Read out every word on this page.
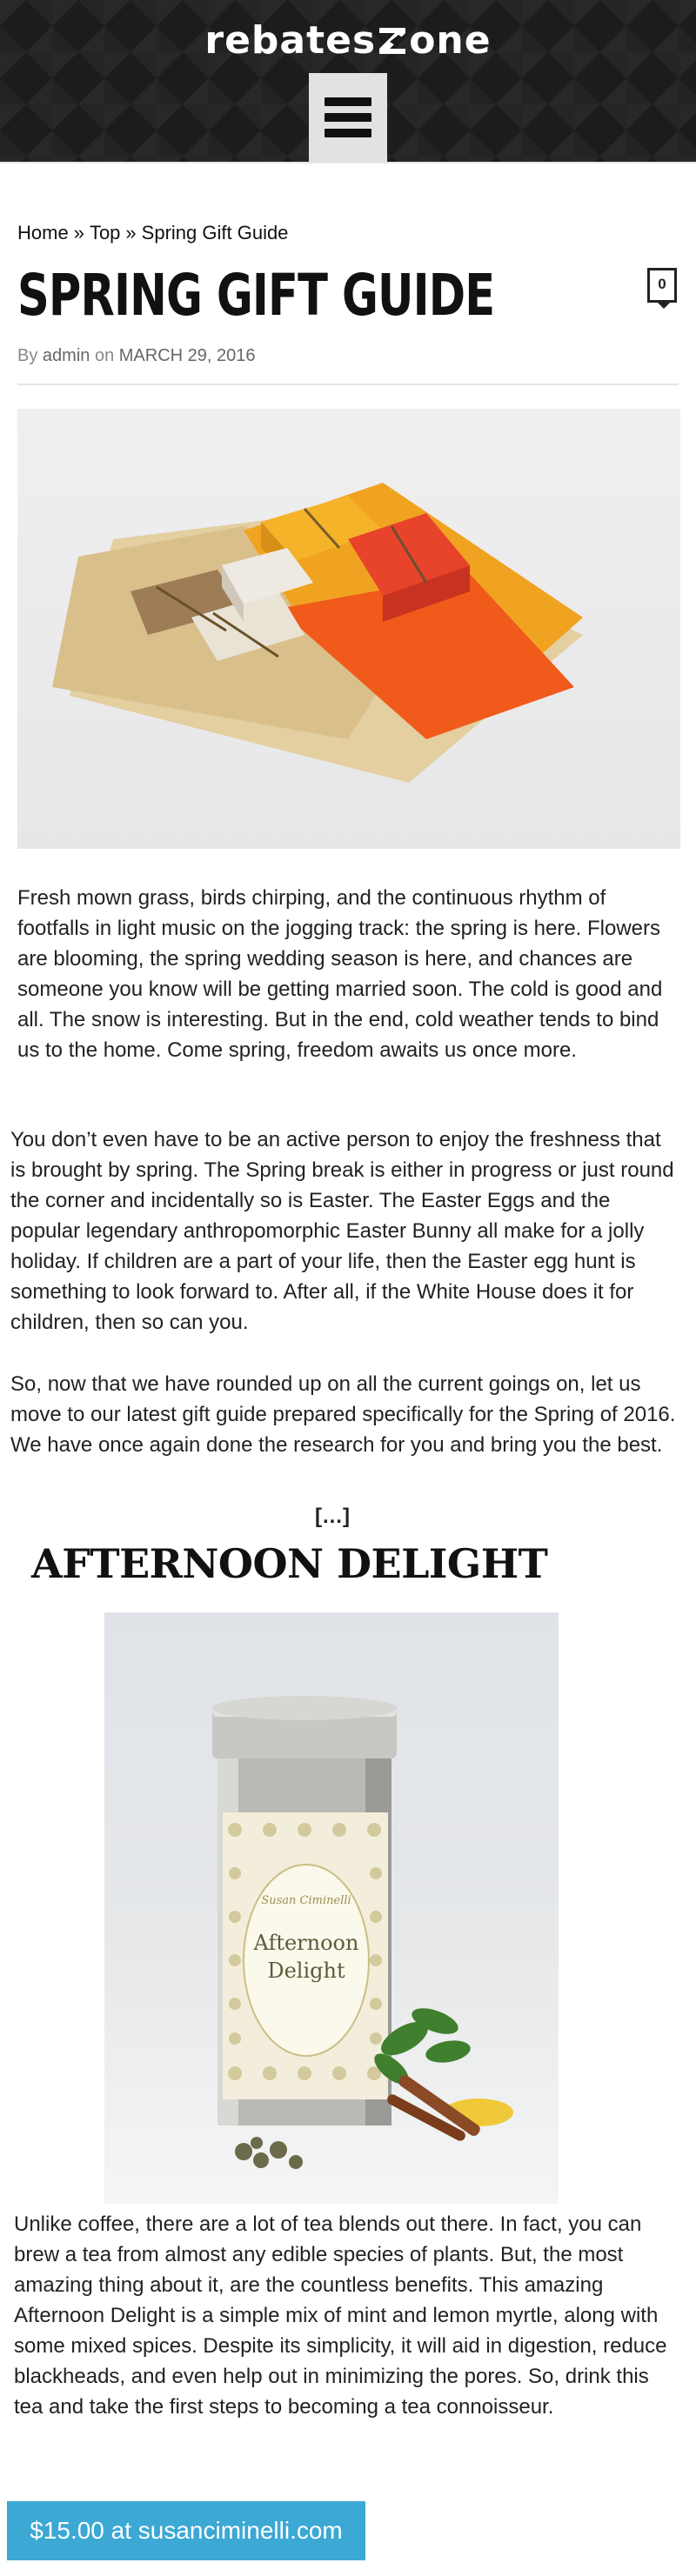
rebates one
Home » Top » Spring Gift Guide
SPRING GIFT GUIDE	0
By admin on MARCH 29, 2016

Fresh mown grass, birds chirping, and the continuous rhythm of footfalls in light music on the jogging track: the spring is here. Flowers are blooming, the spring wedding season is here, and chances are someone you know will be getting married soon. The cold is good and all. The snow is interesting. But in the end, cold weather tends to bind us to the home. Come spring, freedom awaits us once more.

You don’t even have to be an active person to enjoy the freshness that is brought by spring. The Spring break is either in progress or just round the corner and incidentally so is Easter. The Easter Eggs and the popular legendary anthropomorphic Easter Bunny all make for a jolly holiday. If children are a part of your life, then the Easter egg hunt is something to look forward to. After all, if the White House does it for children, then so can you.

So, now that we have rounded up on all the current goings on, let us move to our latest gift guide prepared specifically for the Spring of 2016. We have once again done the research for you and bring you the best.

[…]
AFTERNOON DELIGHT
Susan Ciminelli
Afternoon
Delight

Unlike coffee, there are a lot of tea blends out there. In fact, you can brew a tea from almost any edible species of plants. But, the most amazing thing about it, are the countless benefits. This amazing Afternoon Delight is a simple mix of mint and lemon myrtle, along with some mixed spices. Despite its simplicity, it will aid in digestion, reduce blackheads, and even help out in minimizing the pores. So, drink this tea and take the first steps to becoming a tea connoisseur.

$15.00 at susanciminelli.com
